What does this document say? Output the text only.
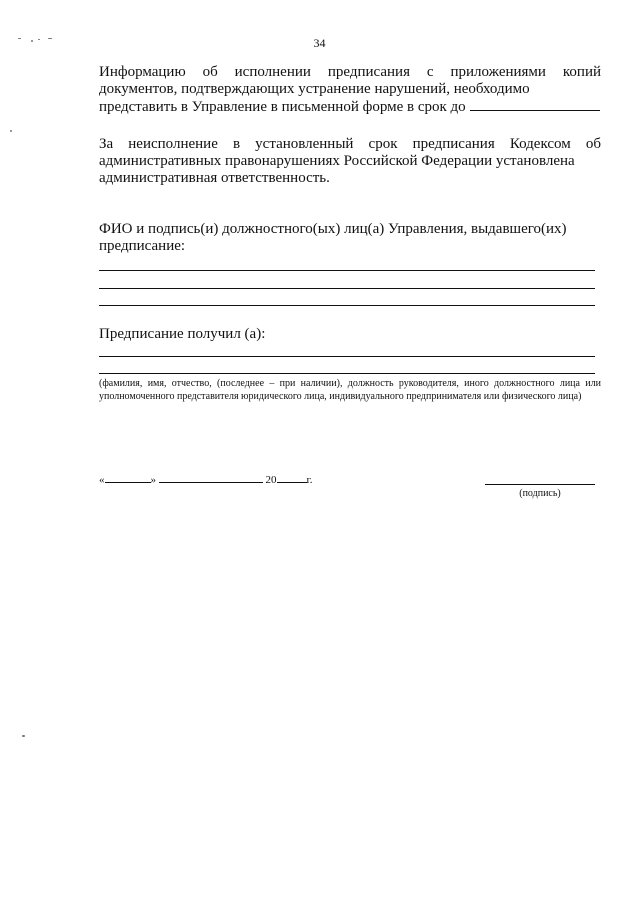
34
Информацию об исполнении предписания с приложениями копий документов, подтверждающих устранение нарушений, необходимо
представить в Управление в письменной форме в срок до
За неисполнение в установленный срок предписания Кодексом об административных правонарушениях Российской Федерации установлена
административная ответственность.
ФИО и подпись(и) должностного(ых) лиц(а) Управления, выдавшего(их)
предписание:
Предписание получил (а):
(фамилия, имя, отчество, (последнее – при наличии), должность руководителя, иного должностного лица или уполномоченного представителя юридического лица, индивидуального предпринимателя или физического лица)
«	»	20	г.
(подпись)
